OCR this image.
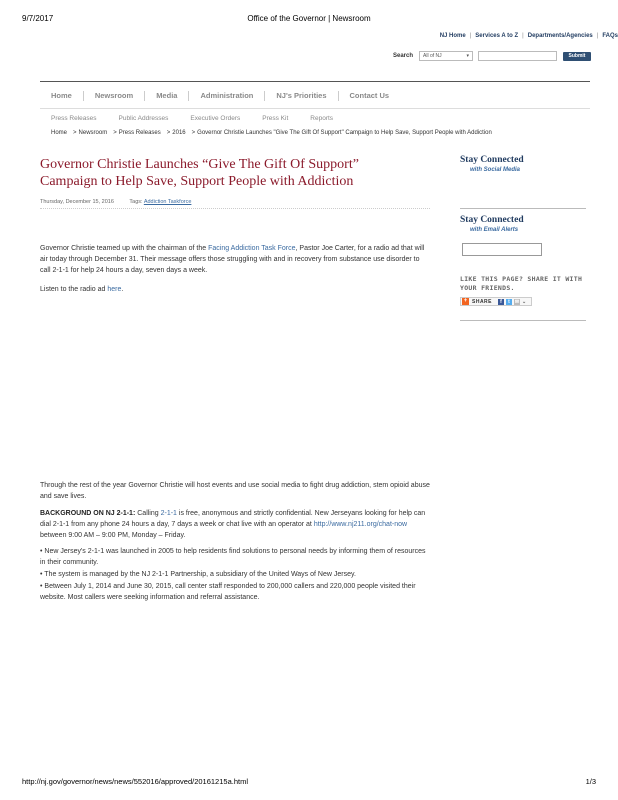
9/7/2017	Office of the Governor | Newsroom
NJ Home | Services A to Z | Departments/Agencies | FAQs
Search All of NJ	▾	Submit
Home	Newsroom	Media	Administration	NJ's Priorities	Contact Us
Press Releases	Public Addresses	Executive Orders	Press Kit	Reports
Home > Newsroom > Press Releases > 2016 > Governor Christie Launches "Give The Gift Of Support" Campaign to Help Save, Support People with Addiction
Governor Christie Launches “Give The Gift Of Support”
Campaign to Help Save, Support People with Addiction
Thursday, December 15, 2016	Tags: Addiction Taskforce

Governor Christie teamed up with the chairman of the Facing Addiction Task Force, Pastor Joe Carter, for a radio ad that will air today through December 31. Their message offers those struggling with and in recovery from substance use disorder to call 2-1-1 for help 24 hours a day, seven days a week.

Listen to the radio ad here.

Through the rest of the year Governor Christie will host events and use social media to fight drug addiction, stem opioid abuse and save lives.

BACKGROUND ON NJ 2-1-1: Calling 2-1-1 is free, anonymous and strictly confidential. New Jerseyans looking for help can dial 2-1-1 from any phone 24 hours a day, 7 days a week or chat live with an operator at http://www.nj211.org/chat-now between 9:00 AM – 9:00 PM, Monday – Friday.

• New Jersey's 2-1-1 was launched in 2005 to help residents find solutions to personal needs by informing them of resources in their community.
• The system is managed by the NJ 2-1-1 Partnership, a subsidiary of the United Ways of New Jersey.
• Between July 1, 2014 and June 30, 2015, call center staff responded to 200,000 callers and 220,000 people visited their website. Most callers were seeking information and referral assistance.
Stay Connected
with Social Media
Stay Connected
with Email Alerts
LIKE THIS PAGE? SHARE IT WITH YOUR FRIENDS.
+ SHARE	f	t	✉ ⌄
http://nj.gov/governor/news/news/552016/approved/20161215a.html	1/3
